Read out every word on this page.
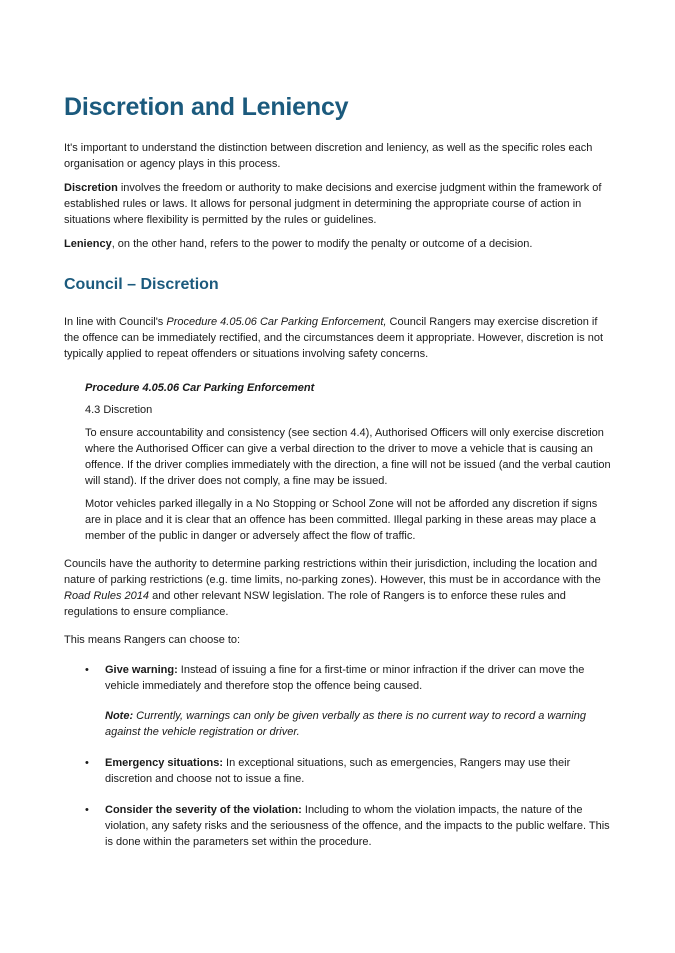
Discretion and Leniency

It's important to understand the distinction between discretion and leniency, as well as the specific roles each organisation or agency plays in this process.

Discretion involves the freedom or authority to make decisions and exercise judgment within the framework of established rules or laws. It allows for personal judgment in determining the appropriate course of action in situations where flexibility is permitted by the rules or guidelines.

Leniency, on the other hand, refers to the power to modify the penalty or outcome of a decision.

Council – Discretion

In line with Council's Procedure 4.05.06 Car Parking Enforcement, Council Rangers may exercise discretion if the offence can be immediately rectified, and the circumstances deem it appropriate. However, discretion is not typically applied to repeat offenders or situations involving safety concerns.

Procedure 4.05.06 Car Parking Enforcement

4.3 Discretion

To ensure accountability and consistency (see section 4.4), Authorised Officers will only exercise discretion where the Authorised Officer can give a verbal direction to the driver to move a vehicle that is causing an offence. If the driver complies immediately with the direction, a fine will not be issued (and the verbal caution will stand). If the driver does not comply, a fine may be issued.

Motor vehicles parked illegally in a No Stopping or School Zone will not be afforded any discretion if signs are in place and it is clear that an offence has been committed. Illegal parking in these areas may place a member of the public in danger or adversely affect the flow of traffic.

Councils have the authority to determine parking restrictions within their jurisdiction, including the location and nature of parking restrictions (e.g. time limits, no-parking zones). However, this must be in accordance with the Road Rules 2014 and other relevant NSW legislation. The role of Rangers is to enforce these rules and regulations to ensure compliance.

This means Rangers can choose to:

• Give warning: Instead of issuing a fine for a first-time or minor infraction if the driver can move the vehicle immediately and therefore stop the offence being caused.
Note: Currently, warnings can only be given verbally as there is no current way to record a warning against the vehicle registration or driver.
• Emergency situations: In exceptional situations, such as emergencies, Rangers may use their discretion and choose not to issue a fine.
• Consider the severity of the violation: Including to whom the violation impacts, the nature of the violation, any safety risks and the seriousness of the offence, and the impacts to the public welfare. This is done within the parameters set within the procedure.
